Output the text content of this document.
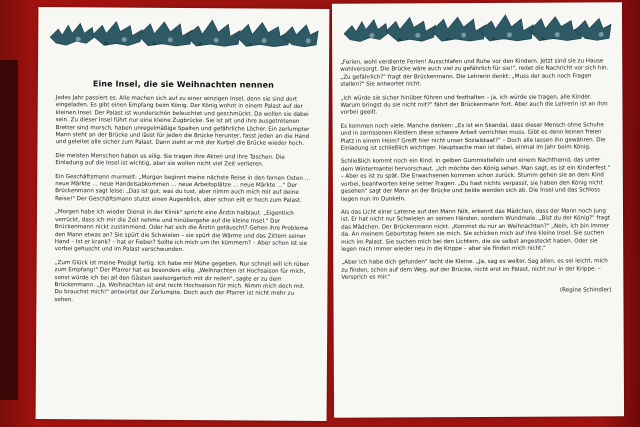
Eine Insel, die sie Weihnachten nennen

Jedes Jahr passiert es. Alle machen sich auf zu einer winzigen Insel, denn sie sind dort eingeladen. Es gibt einen Empfang beim König. Der König wohnt in einem Palast auf der kleinen Insel. Der Palast ist wunderschön beleuchtet und geschmückt. Da wollen sie dabei sein. Zu dieser Insel führt nur eine kleine Zugbrücke. Sie ist alt und ihre ausgetretenen Bretter sind morsch, haben unregelmäßige Spalten und gefährliche Löcher. Ein zerlumpter Mann steht an der Brücke und lässt für jeden die Brücke herunter, fasst jeden an die Hand und geleitet alle sicher zum Palast. Dann zieht er mit der Kurbel die Brücke wieder hoch.

Die meisten Menschen haben es eilig. Sie tragen ihre Akten und ihre Taschen. Die Einladung auf die Insel ist wichtig, aber sie wollen nicht viel Zeit verlieren.

Ein Geschäftsmann murmelt: „Morgen beginnt meine nächste Reise in den fernen Osten … neue Märkte … neue Handelsabkommen … neue Arbeitsplätze … neue Märkte …" Der Brückenmann sagt leise: „Das ist gut, was du tust, aber nimm auch mich mit auf deine Reise!" Der Geschäftsmann stutzt einen Augenblick, aber schon eilt er hoch zum Palast.

„Morgen habe ich wieder Dienst in der Klinik" spricht eine Ärztin halblaut. „Eigentlich verrückt, dass ich mir die Zeit nehme und hinübergehe auf die kleine Insel." Der Brückenmann nickt zustimmend. Oder hat sich die Ärztin getäuscht? Gehen ihre Probleme den Mann etwas an? Sie spürt die Schwielen – sie spürt die Wärme und das Zittern seiner Hand – Ist er krank? – hat er Fieber? Sollte ich mich um ihn kümmern? – Aber schon ist sie vorbei gehuscht und im Palast verschwunden.

„Zum Glück ist meine Predigt fertig. Ich habe mir Mühe gegeben. Nur schnell will ich rüber zum Empfang!" Der Pfarrer hat es besonders eilig. „Weihnachten ist Hochsaison für mich, sonst würde ich bei all den Gästen seelsorgerlich mit dir reden", sagte er zu dem Brückenmann. „Ja, Weihnachten ist erst recht Hochsaison für mich. Nimm mich doch mit. Du brauchst mich!" antwortet der Zerlumpte. Doch auch der Pfarrer ist nicht mehr zu sehen.

„Ferien, wohl verdiente Ferien! Ausschlafen und Ruhe vor den Kindern. Jetzt sind sie zu Hause wohlversorgt. Die Brücke wäre auch viel zu gefährlich für sie!", redet die Nachricht vor sich hin. „Zu gefährlich?" fragt der Brückenmann. Die Lehrerin denkt: „Muss der auch noch Fragen stellen?" Sie antwortet nicht.

„Ich würde sie sicher hinüber führen und festhalten – ja, ich würde sie tragen, alle Kinder. Warum bringst du sie nicht mit?" fährt der Brückenmann fort. Aber auch die Lehrerin ist an ihm vorbei geeilt.

Es kommen noch viele. Manche denken: „Es ist ein Skandal, dass dieser Mensch ohne Schuhe und in zerrissenen Kleidern diese schwere Arbeit verrichten muss. Gibt es denn keinen freien Platz in einem Heim? Greift hier nicht unser Sozialstaat?" – Doch alle lassen ihn gewähren. Die Einladung ist schließlich wichtiger. Hauptsache man ist dabei, einmal im Jahr beim König.

Schließlich kommt noch ein Kind. In gelben Gummistiefeln und einem Nachthemd, das unter dem Wintermantel hervorschaut. „Ich möchte den König sehen. Man sagt, es ist ein Kinderfest." – Aber es ist zu spät. Die Erwachsenen kommen schon zurück. Stumm gehen sie an dem Kind vorbei, beantworten keine seiner Fragen. „Du hast nichts verpasst, sie haben den König nicht gesehen" sagt der Mann an der Brücke und beide wenden sich ab. Die Insel und das Schloss liegen nun im Dunkeln.

Als das Licht einer Laterne auf den Mann fällt, erkennt das Mädchen, dass der Mann noch jung ist. Er hat nicht nur Schwielen an seinen Händen, sondern Wundmale. „Bist du der König?" fragt das Mädchen. Der Brückenmann nickt. „Kommst du nur an Weihnachten?" „Nein, ich bin immer da. An meinem Geburtstag feiern sie mich. Sie schicken mich auf ihre kleine Insel. Sie suchen mich im Palast. Sie suchen mich bei den Lichtern, die sie selbst angesteckt haben. Oder sie legen mich immer wieder neu in die Krippe – aber sie finden mich nicht."

„Aber ich habe dich gefunden" lacht die Kleine. „Ja, sag es weiter. Sag allen, es sei leicht, mich zu finden, schon auf dem Weg, auf der Brücke, nicht erst im Palast, nicht nur in der Krippe. – Versprich es mir."

(Regine Schindler)
